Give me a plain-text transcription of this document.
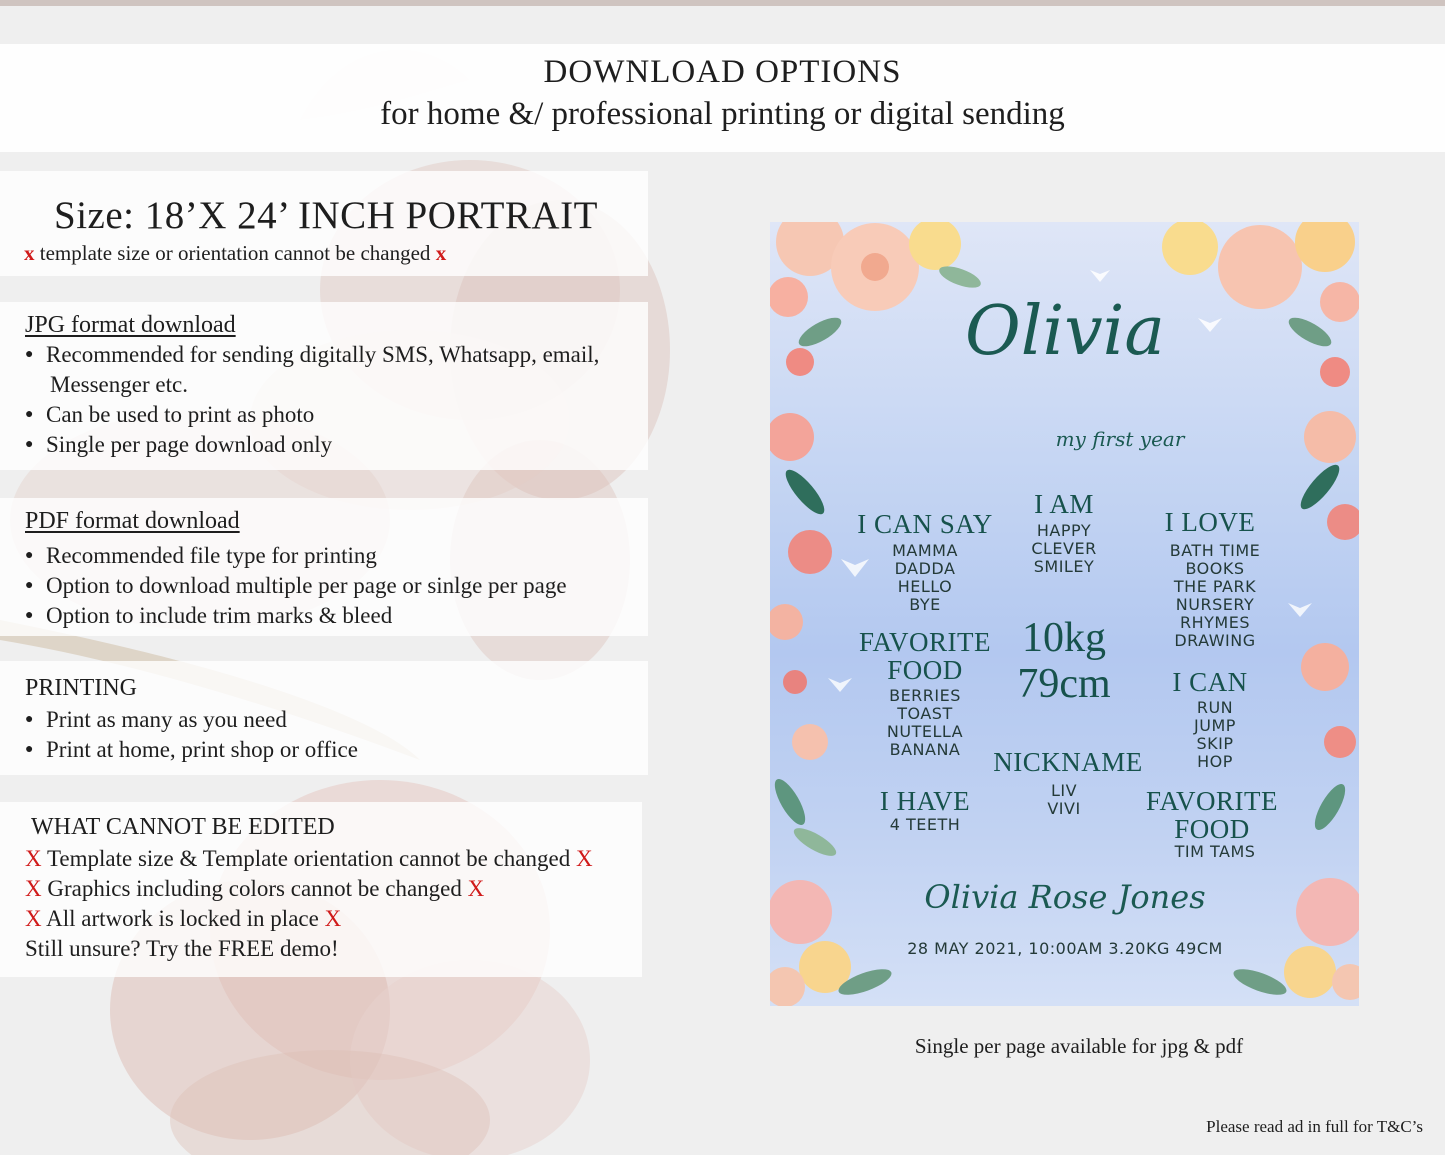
DOWNLOAD OPTIONS
for home &/ professional printing or digital sending
Size: 18’X 24’ INCH PORTRAIT
x template size or orientation cannot be changed x
JPG format download
● Recommended for sending digitally SMS, Whatsapp, email,
Messenger etc.
● Can be used to print as photo
● Single per page download only
PDF format download
● Recommended file type for printing
● Option to download multiple per page or sinlge per page
● Option to include trim marks & bleed
PRINTING
● Print as many as you need
● Print at home, print shop or office
WHAT CANNOT BE EDITED
X Template size & Template orientation cannot be changed X
X Graphics including colors cannot be changed X
X All artwork is locked in place X
Still unsure? Try the FREE demo!
Olivia
my first year
I CAN SAY
MAMMA
DADDA
HELLO
BYE
I AM
HAPPY
CLEVER
SMILEY
I LOVE
BATH TIME
BOOKS
THE PARK
NURSERY
RHYMES
DRAWING
FAVORITE
FOOD
BERRIES
TOAST
NUTELLA
BANANA
10kg
79cm	I CAN
RUN
JUMP
SKIP
HOP
NICKNAME
LIV
VIVI
I HAVE
4 TEETH
FAVORITE
FOOD
TIM TAMS
Olivia Rose Jones
28 MAY 2021, 10:00AM 3.20KG 49CM
Single per page available for jpg & pdf
Please read ad in full for T&C’s
